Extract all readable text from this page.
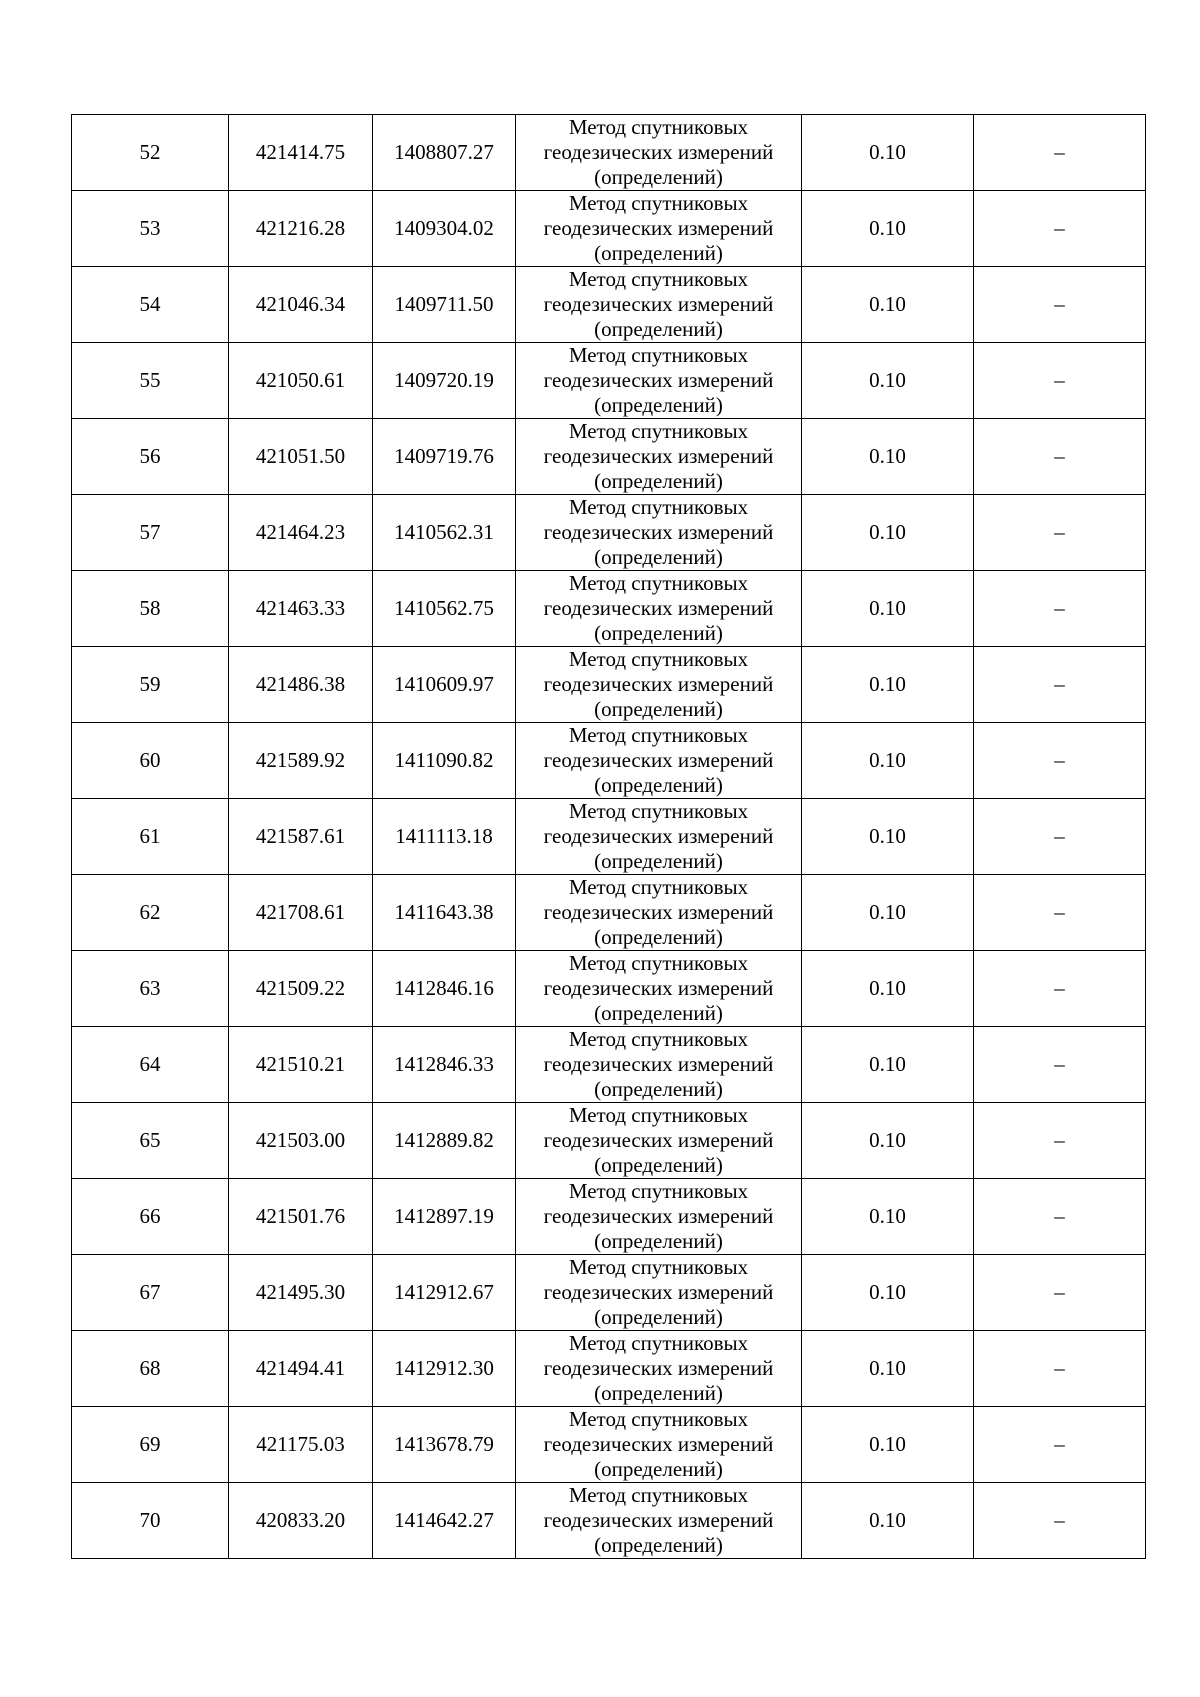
52	421414.75	1408807.27	Метод спутниковых
геодезических измерений
(определений)	0.10	–
53	421216.28	1409304.02	Метод спутниковых
геодезических измерений
(определений)	0.10	–
54	421046.34	1409711.50	Метод спутниковых
геодезических измерений
(определений)	0.10	–
55	421050.61	1409720.19	Метод спутниковых
геодезических измерений
(определений)	0.10	–
56	421051.50	1409719.76	Метод спутниковых
геодезических измерений
(определений)	0.10	–
57	421464.23	1410562.31	Метод спутниковых
геодезических измерений
(определений)	0.10	–
58	421463.33	1410562.75	Метод спутниковых
геодезических измерений
(определений)	0.10	–
59	421486.38	1410609.97	Метод спутниковых
геодезических измерений
(определений)	0.10	–
60	421589.92	1411090.82	Метод спутниковых
геодезических измерений
(определений)	0.10	–
61	421587.61	1411113.18	Метод спутниковых
геодезических измерений
(определений)	0.10	–
62	421708.61	1411643.38	Метод спутниковых
геодезических измерений
(определений)	0.10	–
63	421509.22	1412846.16	Метод спутниковых
геодезических измерений
(определений)	0.10	–
64	421510.21	1412846.33	Метод спутниковых
геодезических измерений
(определений)	0.10	–
65	421503.00	1412889.82	Метод спутниковых
геодезических измерений
(определений)	0.10	–
66	421501.76	1412897.19	Метод спутниковых
геодезических измерений
(определений)	0.10	–
67	421495.30	1412912.67	Метод спутниковых
геодезических измерений
(определений)	0.10	–
68	421494.41	1412912.30	Метод спутниковых
геодезических измерений
(определений)	0.10	–
69	421175.03	1413678.79	Метод спутниковых
геодезических измерений
(определений)	0.10	–
70	420833.20	1414642.27	Метод спутниковых
геодезических измерений
(определений)	0.10	–
